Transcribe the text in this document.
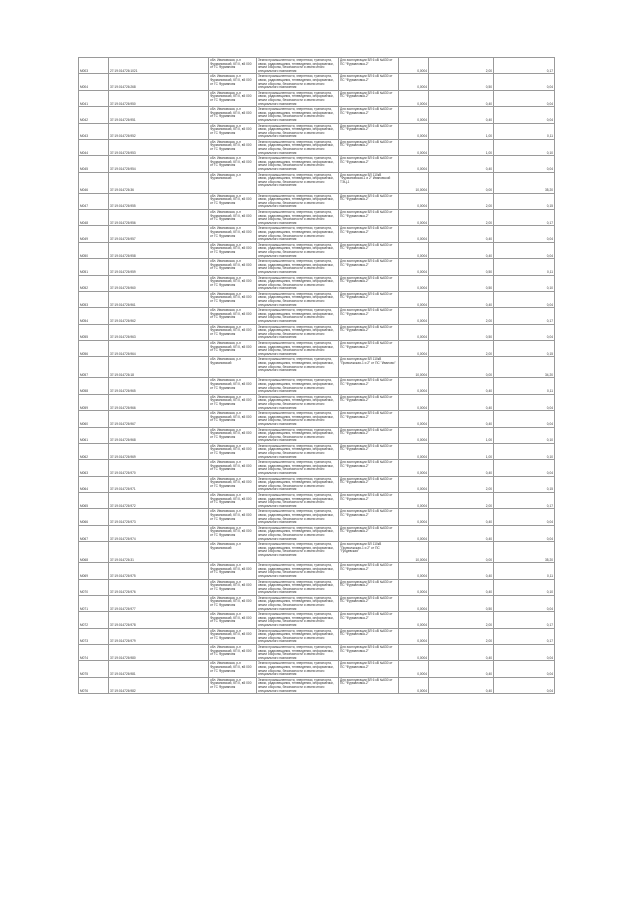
M003	27:19:014726:1021	обл. Ивановская, р-н Фурмановский, КП II, в5 000 от ГС Фурмановк	Земли промышленности, энергетики, транспорта, связи, радиовещания, телевидения, информатики, земли обороны, безопасности и земли иного специального назначения	Для эксплуатации ВЛ 6 кВ №630 от ПС "Фурмановка-2"	0,0004	2,00	0,17
M004	37:19:014726:268	обл. Ивановская, р-н Фурмановский, КП II, в5 000 от ГС Фурмановк	Земли промышленности, энергетики, транспорта, связи, радиовещания, телевидения, информатики, земли обороны, безопасности и земли иного специального назначения	Для эксплуатации ВЛ 6 кВ №630 от ПС "Фурмановка-2"	0,0004	0,50	0,04
M041	37:19:014726:950	обл. Ивановская, р-н Фурмановский, КП II, в5 000 от ГС Фурмановк	Земли промышленности, энергетики, транспорта, связи, радиовещания, телевидения, информатики, земли обороны, безопасности и земли иного специального назначения	Для эксплуатации ВЛ 6 кВ №630 от ПС "Фурмановка-2"	0,0004	0,40	0,04
M042	37:19:014726:951	обл. Ивановская, р-н Фурмановский, КП II, в5 000 от ГС Фурмановк	Земли промышленности, энергетики, транспорта, связи, радиовещания, телевидения, информатики, земли обороны, безопасности и земли иного специального назначения	Для эксплуатации ВЛ 6 кВ №630 от ПС "Фурмановка-2"	0,0004	0,40	0,04
M043	37:19:014726:952	обл. Ивановская, р-н Фурмановский, КП II, в5 000 от ГС Фурмановк	Земли промышленности, энергетики, транспорта, связи, радиовещания, телевидения, информатики, земли обороны, безопасности и земли иного специального назначения	Для эксплуатации ВЛ 6 кВ №630 от ПС "Фурмановка-2"	0,0004	1,00	0,11
M044	37:19:014726:953	обл. Ивановская, р-н Фурмановский, КП II, в5 000 от ГС Фурмановк	Земли промышленности, энергетики, транспорта, связи, радиовещания, телевидения, информатики, земли обороны, безопасности и земли иного специального назначения	Для эксплуатации ВЛ 6 кВ №630 от ПС "Фурмановка-2"	0,0004	1,00	0,10
M045	37:19:014726:954	обл. Ивановская, р-н Фурмановский, КП II, в5 000 от ГС Фурмановк	Земли промышленности, энергетики, транспорта, связи, радиовещания, телевидения, информатики, земли обороны, безопасности и земли иного специального назначения	Для эксплуатации ВЛ 6 кВ №630 от ПС "Фурмановка-2"	0,0004	0,40	0,04
M046	37:19:014726:36	обл. Ивановская, р-н Фурмановский	Земли промышленности, энергетики, транспорта, связи, радиовещания, телевидения, информатики, земли обороны, безопасности и земли иного специального назначения	Для эксплуатации ВЛ 110кВ "Фурмановская-1 и 2" Ивановской ТЭЦ-1	10,0004	0,00	35,20
M047	37:19:014726:955	обл. Ивановская, р-н Фурмановский, КП II, в5 000 от ГС Фурмановк	Земли промышленности, энергетики, транспорта, связи, радиовещания, телевидения, информатики, земли обороны, безопасности и земли иного специального назначения	Для эксплуатации ВЛ 6 кВ №630 от ПС "Фурмановка-2"	0,0004	2,00	0,15
M048	37:19:014726:956	обл. Ивановская, р-н Фурмановский, КП II, в5 000 от ГС Фурмановк	Земли промышленности, энергетики, транспорта, связи, радиовещания, телевидения, информатики, земли обороны, безопасности и земли иного специального назначения	Для эксплуатации ВЛ 6 кВ №630 от ПС "Фурмановка-2"	0,0004	2,00	0,17
M049	37:19:014726:957	обл. Ивановская, р-н Фурмановский, КП II, в5 000 от ГС Фурмановк	Земли промышленности, энергетики, транспорта, связи, радиовещания, телевидения, информатики, земли обороны, безопасности и земли иного специального назначения	Для эксплуатации ВЛ 6 кВ №630 от ПС "Фурмановка-2"	0,0004	0,40	0,04
M050	37:19:014726:958	обл. Ивановская, р-н Фурмановский, КП II, в5 000 от ГС Фурмановк	Земли промышленности, энергетики, транспорта, связи, радиовещания, телевидения, информатики, земли обороны, безопасности и земли иного специального назначения	Для эксплуатации ВЛ 6 кВ №630 от ПС "Фурмановка-2"	0,0004	0,40	0,04
M051	37:19:014726:959	обл. Ивановская, р-н Фурмановский, КП II, в5 000 от ГС Фурмановк	Земли промышленности, энергетики, транспорта, связи, радиовещания, телевидения, информатики, земли обороны, безопасности и земли иного специального назначения	Для эксплуатации ВЛ 6 кВ №630 от ПС "Фурмановка-2"	0,0004	0,50	0,11
M052	37:19:014726:960	обл. Ивановская, р-н Фурмановский, КП II, в5 000 от ГС Фурмановк	Земли промышленности, энергетики, транспорта, связи, радиовещания, телевидения, информатики, земли обороны, безопасности и земли иного специального назначения	Для эксплуатации ВЛ 6 кВ №630 от ПС "Фурмановка-2"	0,0004	0,50	0,10
M053	37:19:014726:961	обл. Ивановская, р-н Фурмановский, КП II, в5 000 от ГС Фурмановк	Земли промышленности, энергетики, транспорта, связи, радиовещания, телевидения, информатики, земли обороны, безопасности и земли иного специального назначения	Для эксплуатации ВЛ 6 кВ №630 от ПС "Фурмановка-2"	0,0004	0,40	0,04
M054	37:19:014726:962	обл. Ивановская, р-н Фурмановский, КП II, в5 000 от ГС Фурмановк	Земли промышленности, энергетики, транспорта, связи, радиовещания, телевидения, информатики, земли обороны, безопасности и земли иного специального назначения	Для эксплуатации ВЛ 6 кВ №630 от ПС "Фурмановка-2"	0,0004	2,00	0,17
M055	37:19:014726:963	обл. Ивановская, р-н Фурмановский, КП II, в5 000 от ГС Фурмановк	Земли промышленности, энергетики, транспорта, связи, радиовещания, телевидения, информатики, земли обороны, безопасности и земли иного специального назначения	Для эксплуатации ВЛ 6 кВ №630 от ПС "Фурмановка-2"	0,0004	0,50	0,04
M056	37:19:014726:964	обл. Ивановская, р-н Фурмановский, КП II, в5 000 от ГС Фурмановк	Земли промышленности, энергетики, транспорта, связи, радиовещания, телевидения, информатики, земли обороны, безопасности и земли иного специального назначения	Для эксплуатации ВЛ 6 кВ №630 от ПС "Фурмановка-2"	0,0004	2,00	0,15
M057	37:19:014726:18	обл. Ивановская, р-н Фурмановский	Земли промышленности, энергетики, транспорта, связи, радиовещания, телевидения, информатики, земли обороны, безопасности и земли иного специального назначения	Для эксплуатации ВЛ 110кВ "Приволжская-1 и 2" от ПС "Иваново"	10,0004	0,00	34,20
M058	37:19:014726:965	обл. Ивановская, р-н Фурмановский, КП II, в5 000 от ГС Фурмановк	Земли промышленности, энергетики, транспорта, связи, радиовещания, телевидения, информатики, земли обороны, безопасности и земли иного специального назначения	Для эксплуатации ВЛ 6 кВ №630 от ПС "Фурмановка-2"	0,0004	0,40	0,11
M059	37:19:014726:966	обл. Ивановская, р-н Фурмановский, КП II, в5 000 от ГС Фурмановк	Земли промышленности, энергетики, транспорта, связи, радиовещания, телевидения, информатики, земли обороны, безопасности и земли иного специального назначения	Для эксплуатации ВЛ 6 кВ №630 от ПС "Фурмановка-2"	0,0004	0,40	0,04
M060	37:19:014726:967	обл. Ивановская, р-н Фурмановский, КП II, в5 000 от ГС Фурмановк	Земли промышленности, энергетики, транспорта, связи, радиовещания, телевидения, информатики, земли обороны, безопасности и земли иного специального назначения	Для эксплуатации ВЛ 6 кВ №630 от ПС "Фурмановка-2"	0,0004	0,40	0,04
M061	37:19:014726:968	обл. Ивановская, р-н Фурмановский, КП II, в5 000 от ГС Фурмановк	Земли промышленности, энергетики, транспорта, связи, радиовещания, телевидения, информатики, земли обороны, безопасности и земли иного специального назначения	Для эксплуатации ВЛ 6 кВ №630 от ПС "Фурмановка-2"	0,0004	1,00	0,10
M062	37:19:014726:969	обл. Ивановская, р-н Фурмановский, КП II, в5 000 от ГС Фурмановк	Земли промышленности, энергетики, транспорта, связи, радиовещания, телевидения, информатики, земли обороны, безопасности и земли иного специального назначения	Для эксплуатации ВЛ 6 кВ №630 от ПС "Фурмановка-2"	0,0004	1,00	0,10
M063	37:19:014726:970	обл. Ивановская, р-н Фурмановский, КП II, в5 000 от ГС Фурмановк	Земли промышленности, энергетики, транспорта, связи, радиовещания, телевидения, информатики, земли обороны, безопасности и земли иного специального назначения	Для эксплуатации ВЛ 6 кВ №630 от ПС "Фурмановка-2"	0,0004	0,40	0,04
M064	37:19:014726:971	обл. Ивановская, р-н Фурмановский, КП II, в5 000 от ГС Фурмановк	Земли промышленности, энергетики, транспорта, связи, радиовещания, телевидения, информатики, земли обороны, безопасности и земли иного специального назначения	Для эксплуатации ВЛ 6 кВ №630 от ПС "Фурмановка-2"	0,0004	2,00	0,15
M065	37:19:014726:972	обл. Ивановская, р-н Фурмановский, КП II, в5 000 от ГС Фурмановк	Земли промышленности, энергетики, транспорта, связи, радиовещания, телевидения, информатики, земли обороны, безопасности и земли иного специального назначения	Для эксплуатации ВЛ 6 кВ №630 от ПС "Фурмановка-2"	0,0004	2,00	0,17
M066	37:19:014726:973	обл. Ивановская, р-н Фурмановский, КП II, в5 000 от ГС Фурмановк	Земли промышленности, энергетики, транспорта, связи, радиовещания, телевидения, информатики, земли обороны, безопасности и земли иного специального назначения	Для эксплуатации ВЛ 6 кВ №630 от ПС "Фурмановка-2"	0,0004	0,40	0,04
M067	37:19:014726:974	обл. Ивановская, р-н Фурмановский, КП II, в5 000 от ГС Фурмановк	Земли промышленности, энергетики, транспорта, связи, радиовещания, телевидения, информатики, земли обороны, безопасности и земли иного специального назначения	Для эксплуатации ВЛ 6 кВ №630 от ПС "Фурмановка-2"	0,0004	0,40	0,04
M068	37:19:014726:31	обл. Ивановская, р-н Фурмановский	Земли промышленности, энергетики, транспорта, связи, радиовещания, телевидения, информатики, земли обороны, безопасности и земли иного специального назначения	Для эксплуатации ВЛ 110кВ "Приволжская-1 и 2" от ПС "Губдевская"	10,0004	0,00	35,20
M069	37:19:014726:975	обл. Ивановская, р-н Фурмановский, КП II, в5 000 от ГС Фурмановк	Земли промышленности, энергетики, транспорта, связи, радиовещания, телевидения, информатики, земли обороны, безопасности и земли иного специального назначения	Для эксплуатации ВЛ 6 кВ №630 от ПС "Фурмановка-2"	0,0004	0,40	0,11
M070	37:19:014726:976	обл. Ивановская, р-н Фурмановский, КП II, в5 000 от ГС Фурмановк	Земли промышленности, энергетики, транспорта, связи, радиовещания, телевидения, информатики, земли обороны, безопасности и земли иного специального назначения	Для эксплуатации ВЛ 6 кВ №630 от ПС "Фурмановка-2"	0,0004	0,40	0,10
M071	37:19:014726:977	обл. Ивановская, р-н Фурмановский, КП II, в5 000 от ГС Фурмановк	Земли промышленности, энергетики, транспорта, связи, радиовещания, телевидения, информатики, земли обороны, безопасности и земли иного специального назначения	Для эксплуатации ВЛ 6 кВ №630 от ПС "Фурмановка-2"	0,0004	0,50	0,04
M072	37:19:014726:978	обл. Ивановская, р-н Фурмановский, КП II, в5 000 от ГС Фурмановк	Земли промышленности, энергетики, транспорта, связи, радиовещания, телевидения, информатики, земли обороны, безопасности и земли иного специального назначения	Для эксплуатации ВЛ 6 кВ №630 от ПС "Фурмановка-2"	0,0004	2,00	0,17
M073	37:19:014726:979	обл. Ивановская, р-н Фурмановский, КП II, в5 000 от ГС Фурмановк	Земли промышленности, энергетики, транспорта, связи, радиовещания, телевидения, информатики, земли обороны, безопасности и земли иного специального назначения	Для эксплуатации ВЛ 6 кВ №630 от ПС "Фурмановка-2"	0,0004	2,00	0,17
M074	37:19:014726:980	обл. Ивановская, р-н Фурмановский, КП II, в5 000 от ГС Фурмановк	Земли промышленности, энергетики, транспорта, связи, радиовещания, телевидения, информатики, земли обороны, безопасности и земли иного специального назначения	Для эксплуатации ВЛ 6 кВ №630 от ПС "Фурмановка-2"	0,0004	0,40	0,04
M075	37:19:014726:981	обл. Ивановская, р-н Фурмановский, КП II, в5 000 от ГС Фурмановк	Земли промышленности, энергетики, транспорта, связи, радиовещания, телевидения, информатики, земли обороны, безопасности и земли иного специального назначения	Для эксплуатации ВЛ 6 кВ №630 от ПС "Фурмановка-2"	0,0004	0,40	0,04
M076	37:19:014726:982	обл. Ивановская, р-н Фурмановский, КП II, в5 000 от ГС Фурмановк	Земли промышленности, энергетики, транспорта, связи, радиовещания, телевидения, информатики, земли обороны, безопасности и земли иного специального назначения	Для эксплуатации ВЛ 6 кВ №630 от ПС "Фурмановка-2"	0,0004	0,40	0,04
